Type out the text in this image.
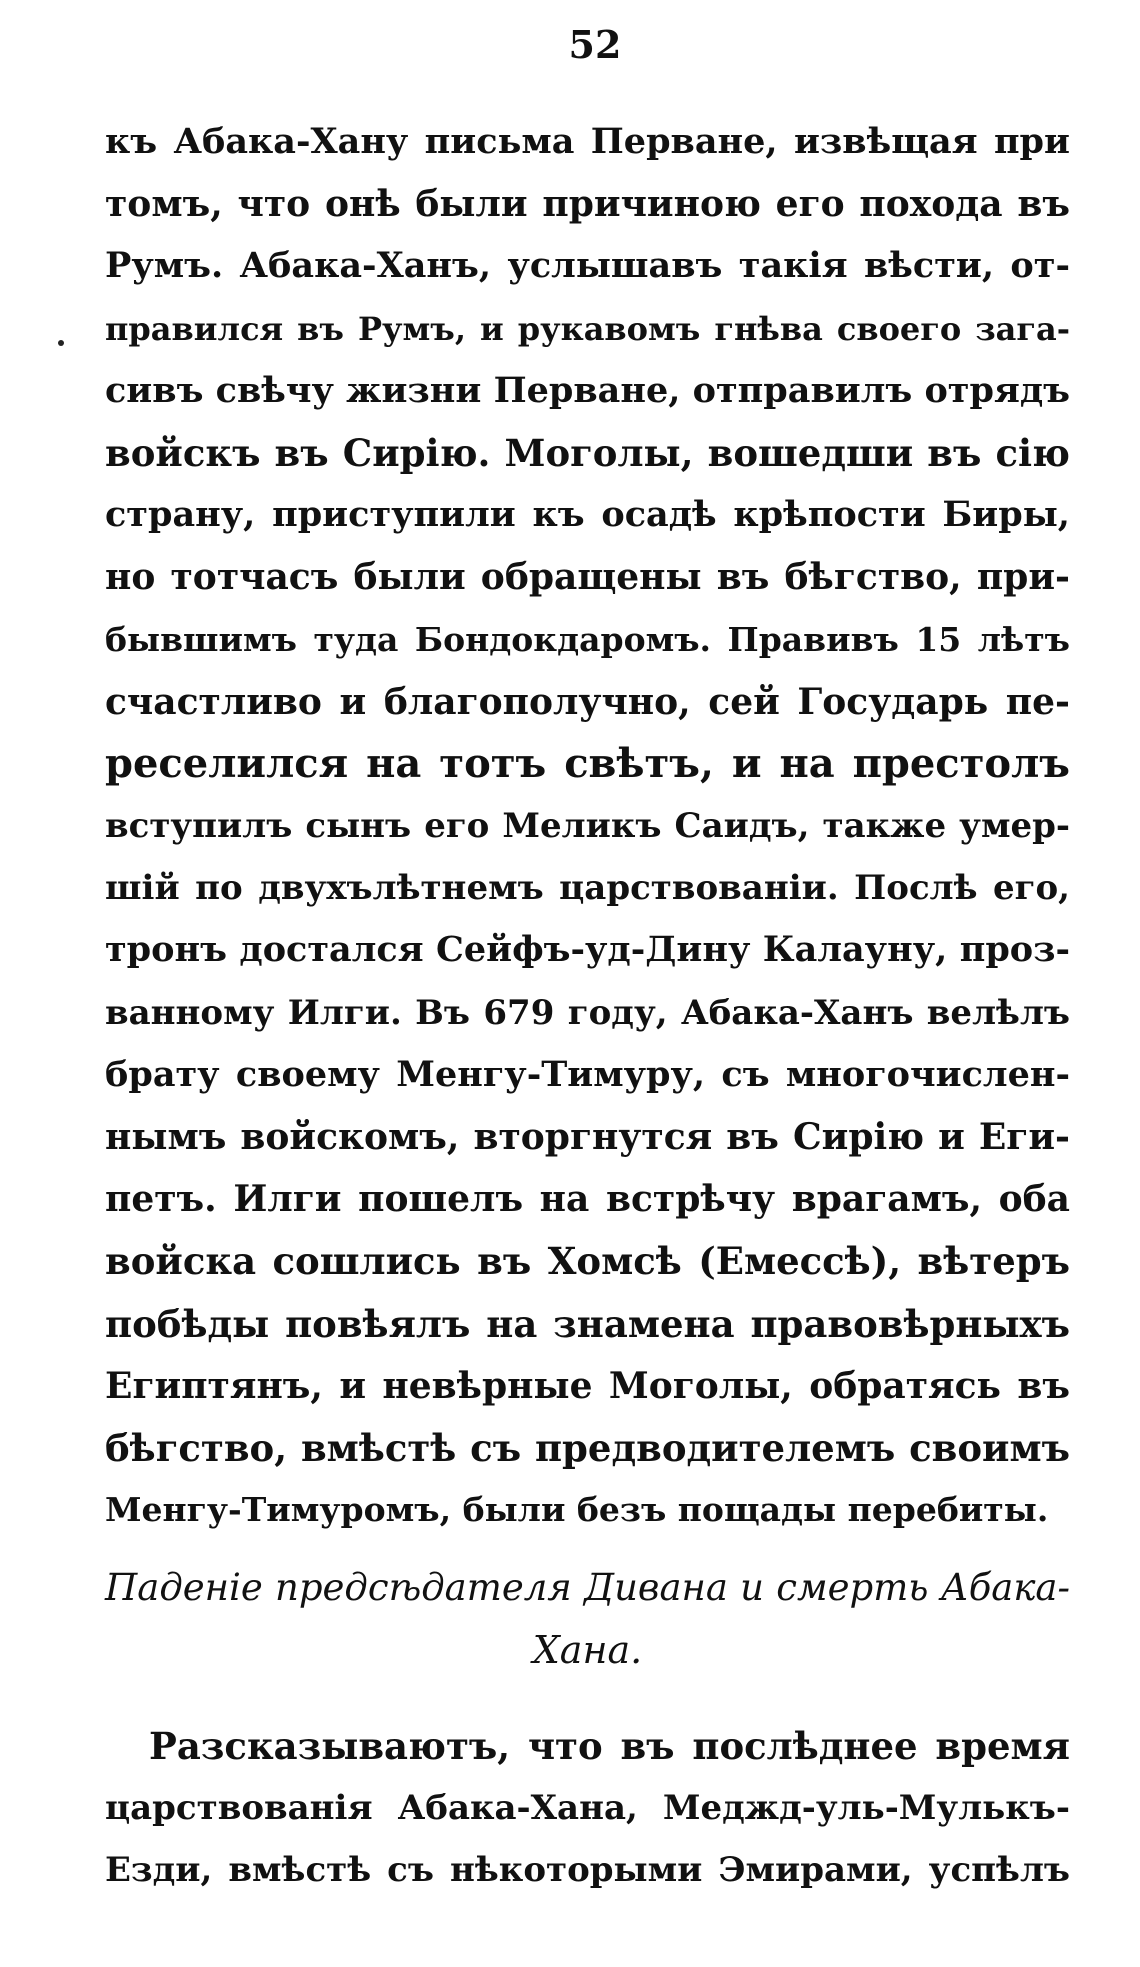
52
къ Абака-Хану письма Перване, извѣщая при
томъ, что онѣ были причиною его похода въ
Румъ. Абака-Ханъ, услышавъ такія вѣсти, от-
правился въ Румъ, и рукавомъ гнѣва своего зага-
сивъ свѣчу жизни Перване, отправилъ отрядъ
войскъ въ Сирію. Моголы, вошедши въ сію
страну, приступили къ осадѣ крѣпости Биры,
но тотчасъ были обращены въ бѣгство, при-
бывшимъ туда Бондокдаромъ. Правивъ 15 лѣтъ
счастливо и благополучно, сей Государь пе-
реселился на тотъ свѣтъ, и на престолъ
вступилъ сынъ его Меликъ Саидъ, также умер-
шій по двухълѣтнемъ царствованіи. Послѣ его,
тронъ достался Сейфъ-уд-Дину Калауну, проз-
ванному Илги. Въ 679 году, Абака-Ханъ велѣлъ
брату своему Менгу-Тимуру, съ многочислен-
нымъ войскомъ, вторгнутся въ Сирію и Еги-
петъ. Илги пошелъ на встрѣчу врагамъ, оба
войска сошлись въ Хомсѣ (Емессѣ), вѣтеръ
побѣды повѣялъ на знамена правовѣрныхъ
Египтянъ, и невѣрные Моголы, обратясь въ
бѣгство, вмѣстѣ съ предводителемъ своимъ
Менгу-Тимуромъ, были безъ пощады перебиты.
Паденіе предсѣдателя Дивана и смерть Абака-
Хана.
Разсказываютъ, что въ послѣднее время
царствованія Абака-Хана, Меджд-уль-Мулькъ-
Езди, вмѣстѣ съ нѣкоторыми Эмирами, успѣлъ
